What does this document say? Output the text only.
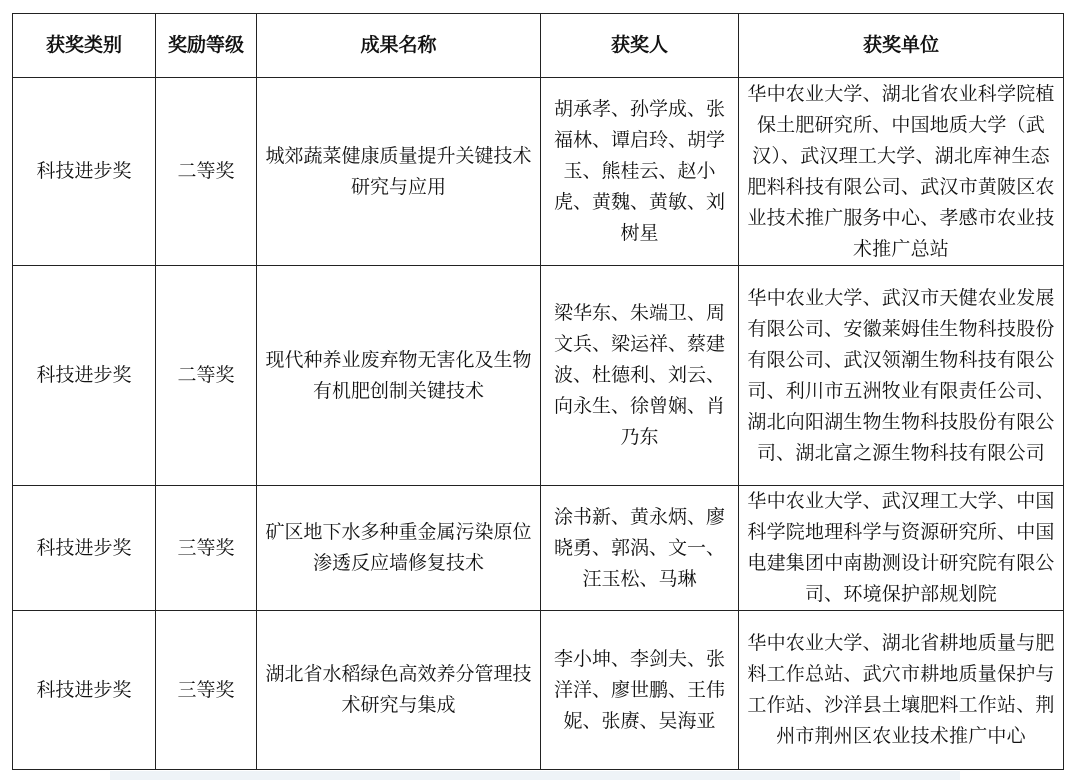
获奖类别	奖励等级	成果名称	获奖人	获奖单位
科技进步奖	二等奖	城郊蔬菜健康质量提升关键技术研究与应用	胡承孝、孙学成、张福林、谭启玲、胡学玉、熊桂云、赵小虎、黄魏、黄敏、刘树星	华中农业大学、湖北省农业科学院植保土肥研究所、中国地质大学（武汉）、武汉理工大学、湖北库神生态肥料科技有限公司、武汉市黄陂区农业技术推广服务中心、孝感市农业技术推广总站
科技进步奖	二等奖	现代种养业废弃物无害化及生物有机肥创制关键技术	梁华东、朱端卫、周文兵、梁运祥、蔡建波、杜德利、刘云、向永生、徐曾娴、肖乃东	华中农业大学、武汉市天健农业发展有限公司、安徽莱姆佳生物科技股份有限公司、武汉领潮生物科技有限公司、利川市五洲牧业有限责任公司、湖北向阳湖生物生物科技股份有限公司、湖北富之源生物科技有限公司
科技进步奖	三等奖	矿区地下水多种重金属污染原位渗透反应墙修复技术	涂书新、黄永炳、廖晓勇、郭涡、文一、汪玉松、马琳	华中农业大学、武汉理工大学、中国科学院地理科学与资源研究所、中国电建集团中南勘测设计研究院有限公司、环境保护部规划院
科技进步奖	三等奖	湖北省水稻绿色高效养分管理技术研究与集成	李小坤、李剑夫、张洋洋、廖世鹏、王伟妮、张赓、吴海亚	华中农业大学、湖北省耕地质量与肥料工作总站、武穴市耕地质量保护与工作站、沙洋县土壤肥料工作站、荆州市荆州区农业技术推广中心
